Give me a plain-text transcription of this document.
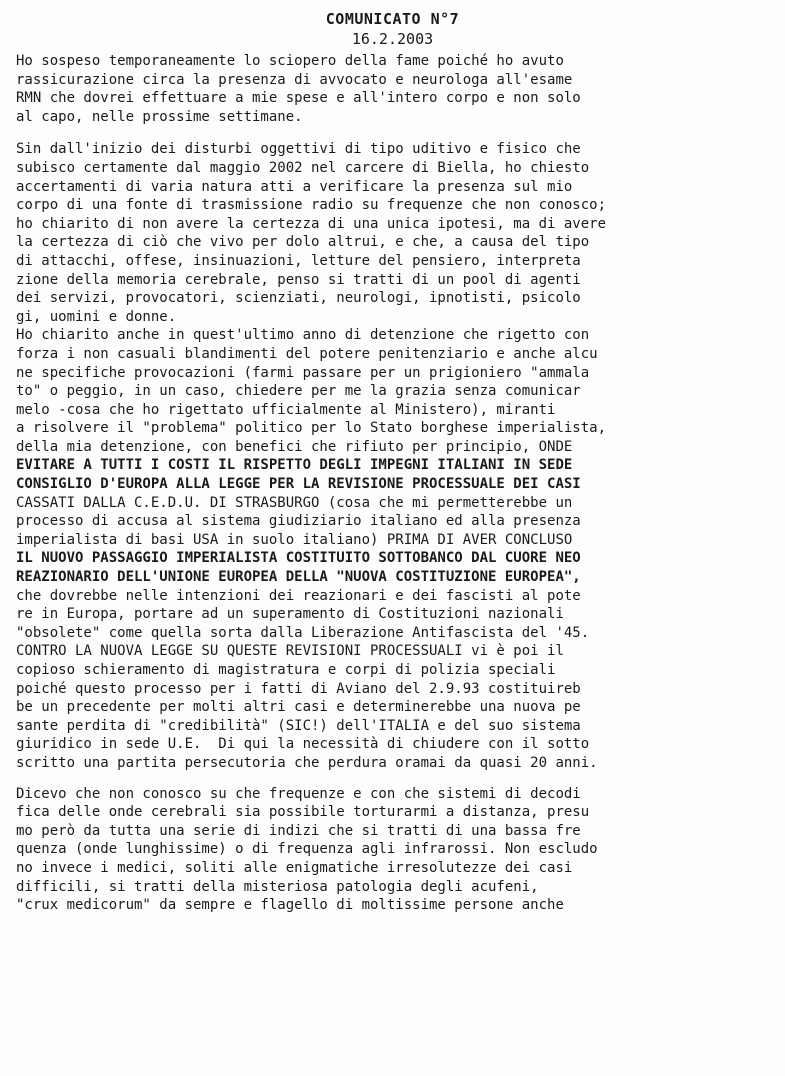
COMUNICATO N°7
16.2.2003
Ho sospeso temporaneamente lo sciopero della fame poiché ho avuto
rassicurazione circa la presenza di avvocato e neurologa all'esame
RMN che dovrei effettuare a mie spese e all'intero corpo e non solo
al capo, nelle prossime settimane.
Sin dall'inizio dei disturbi oggettivi di tipo uditivo e fisico che
subisco certamente dal maggio 2002 nel carcere di Biella, ho chiesto
accertamenti di varia natura atti a verificare la presenza sul mio
corpo di una fonte di trasmissione radio su frequenze che non conosco;
ho chiarito di non avere la certezza di una unica ipotesi, ma di avere
la certezza di ciò che vivo per dolo altrui, e che, a causa del tipo
di attacchi, offese, insinuazioni, letture del pensiero, interpreta
zione della memoria cerebrale, penso si tratti di un pool di agenti
dei servizi, provocatori, scienziati, neurologi, ipnotisti, psicolo
gi, uomini e donne.
Ho chiarito anche in quest'ultimo anno di detenzione che rigetto con
forza i non casuali blandimenti del potere penitenziario e anche alcu
ne specifiche provocazioni (farmi passare per un prigioniero "ammala
to" o peggio, in un caso, chiedere per me la grazia senza comunicar
melo -cosa che ho rigettato ufficialmente al Ministero), miranti
a risolvere il "problema" politico per lo Stato borghese imperialista,
della mia detenzione, con benefici che rifiuto per principio, ONDE
EVITARE A TUTTI I COSTI IL RISPETTO DEGLI IMPEGNI ITALIANI IN SEDE
CONSIGLIO D'EUROPA ALLA LEGGE PER LA REVISIONE PROCESSUALE DEI CASI
CASSATI DALLA C.E.D.U. DI STRASBURGO (cosa che mi permetterebbe un
processo di accusa al sistema giudiziario italiano ed alla presenza
imperialista di basi USA in suolo italiano) PRIMA DI AVER CONCLUSO
IL NUOVO PASSAGGIO IMPERIALISTA COSTITUITO SOTTOBANCO DAL CUORE NEO
REAZIONARIO DELL'UNIONE EUROPEA DELLA "NUOVA COSTITUZIONE EUROPEA",
che dovrebbe nelle intenzioni dei reazionari e dei fascisti al pote
re in Europa, portare ad un superamento di Costituzioni nazionali
"obsolete" come quella sorta dalla Liberazione Antifascista del '45.
CONTRO LA NUOVA LEGGE SU QUESTE REVISIONI PROCESSUALI vi è poi il
copioso schieramento di magistratura e corpi di polizia speciali
poiché questo processo per i fatti di Aviano del 2.9.93 costituireb
be un precedente per molti altri casi e determinerebbe una nuova pe
sante perdita di "credibilità" (SIC!) dell'ITALIA e del suo sistema
giuridico in sede U.E.  Di qui la necessità di chiudere con il sotto
scritto una partita persecutoria che perdura oramai da quasi 20 anni.
Dicevo che non conosco su che frequenze e con che sistemi di decodi
fica delle onde cerebrali sia possibile torturarmi a distanza, presu
mo però da tutta una serie di indizi che si tratti di una bassa fre
quenza (onde lunghissime) o di frequenza agli infrarossi. Non escludo
no invece i medici, soliti alle enigmatiche irresolutezze dei casi
difficili, si tratti della misteriosa patologia degli acufeni,
"crux medicorum" da sempre e flagello di moltissime persone anche
